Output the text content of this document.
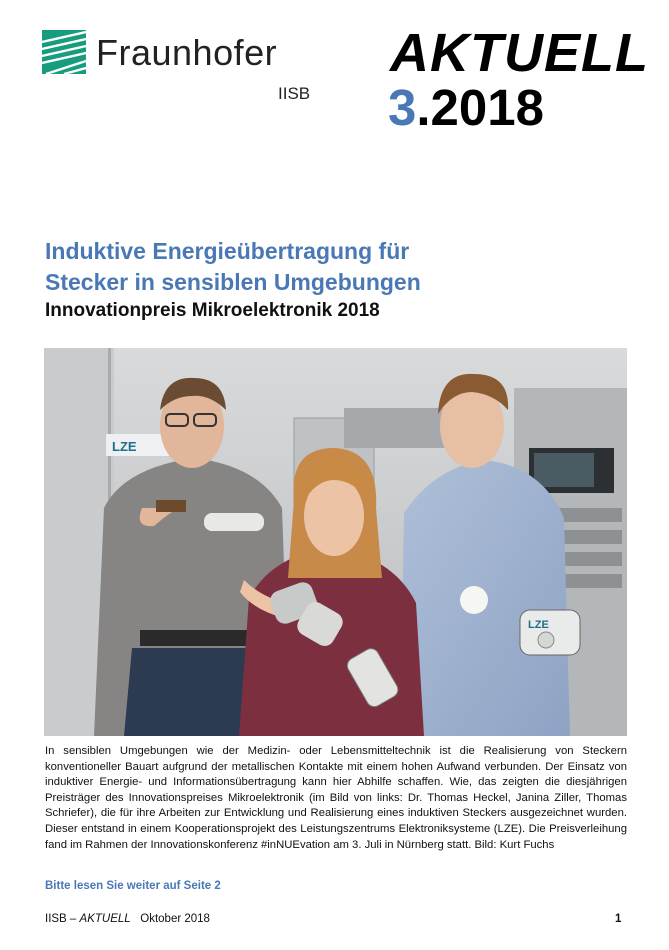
Fraunhofer
IISB
AKTUELL
3.2018
Induktive Energieübertragung für
Stecker in sensiblen Umgebungen
Innovationpreis Mikroelektronik 2018
LZE
LZE
In sensiblen Umgebungen wie der Medizin- oder Lebensmitteltechnik ist die Realisierung von Steckern konventioneller Bauart aufgrund der metallischen Kontakte mit einem hohen Aufwand verbunden. Der Einsatz von induktiver Energie- und Informationsübertragung kann hier Abhilfe schaffen. Wie, das zeigten die diesjährigen Preisträger des Innovationspreises Mikroelektronik (im Bild von links: Dr. Thomas Heckel, Janina Ziller, Thomas Schriefer), die für ihre Arbeiten zur Entwicklung und Realisierung eines induktiven Steckers ausgezeichnet wurden. Dieser entstand in einem Kooperationsprojekt des Leistungszentrums Elektroniksysteme (LZE). Die Preisverleihung fand im Rahmen der Innovationskonferenz #inNUEvation am 3. Juli in Nürnberg statt. Bild: Kurt Fuchs
Bitte lesen Sie weiter auf Seite 2
IISB – AKTUELL Oktober 2018	1
